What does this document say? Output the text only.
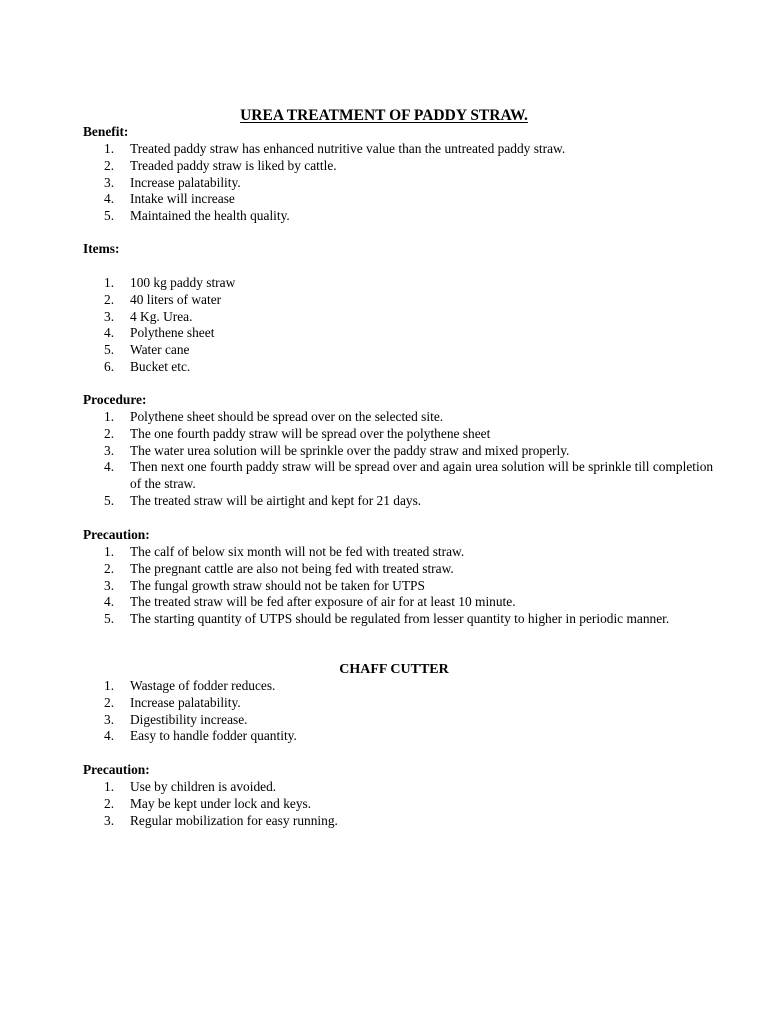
UREA TREATMENT OF PADDY STRAW.
Benefit:
1. Treated paddy straw has enhanced nutritive value than the untreated paddy straw.
2. Treaded paddy straw is liked by cattle.
3. Increase palatability.
4. Intake will increase
5. Maintained the health quality.
Items:
1. 100 kg paddy straw
2. 40 liters of water
3. 4 Kg. Urea.
4. Polythene sheet
5. Water cane
6. Bucket etc.
Procedure:
1. Polythene sheet should be spread over on the selected site.
2. The one fourth paddy straw will be spread over the polythene sheet
3. The water urea solution will be sprinkle over the paddy straw and mixed properly.
4. Then next one fourth paddy straw will be spread over and again urea solution will be sprinkle till completion of the straw.
5. The treated straw will be airtight and kept for 21 days.
Precaution:
1. The calf of below six month will not be fed with treated straw.
2. The pregnant cattle are also not being fed with treated straw.
3. The fungal growth straw should not be taken for UTPS
4. The treated straw will be fed after exposure of air for at least 10 minute.
5. The starting quantity of UTPS should be regulated from lesser quantity to higher in periodic manner.
CHAFF CUTTER
1. Wastage of fodder reduces.
2. Increase palatability.
3. Digestibility increase.
4. Easy to handle fodder quantity.
Precaution:
1. Use by children is avoided.
2. May be kept under lock and keys.
3. Regular mobilization for easy running.
